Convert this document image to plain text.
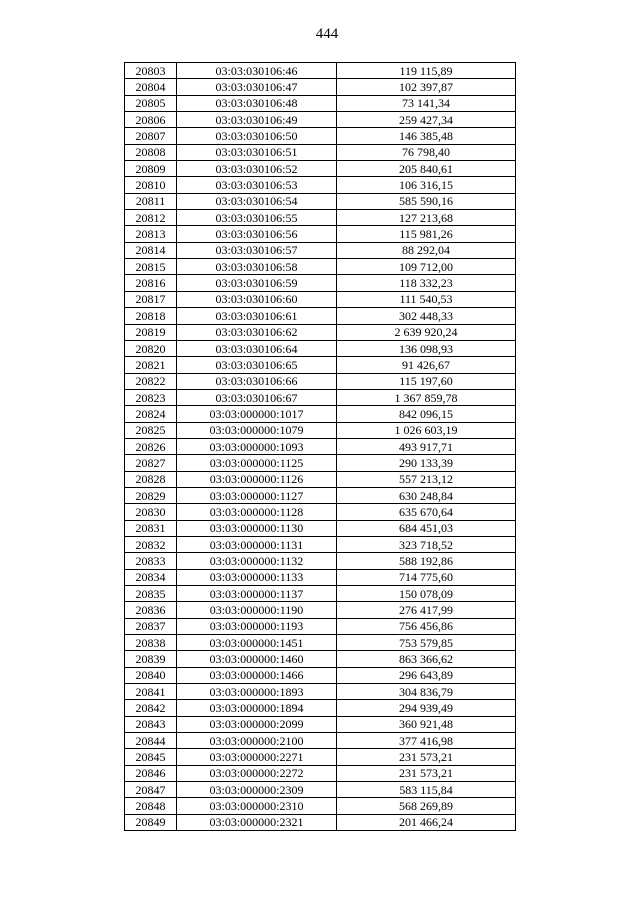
444
20803	03:03:030106:46	119 115,89
20804	03:03:030106:47	102 397,87
20805	03:03:030106:48	73 141,34
20806	03:03:030106:49	259 427,34
20807	03:03:030106:50	146 385,48
20808	03:03:030106:51	76 798,40
20809	03:03:030106:52	205 840,61
20810	03:03:030106:53	106 316,15
20811	03:03:030106:54	585 590,16
20812	03:03:030106:55	127 213,68
20813	03:03:030106:56	115 981,26
20814	03:03:030106:57	88 292,04
20815	03:03:030106:58	109 712,00
20816	03:03:030106:59	118 332,23
20817	03:03:030106:60	111 540,53
20818	03:03:030106:61	302 448,33
20819	03:03:030106:62	2 639 920,24
20820	03:03:030106:64	136 098,93
20821	03:03:030106:65	91 426,67
20822	03:03:030106:66	115 197,60
20823	03:03:030106:67	1 367 859,78
20824	03:03:000000:1017	842 096,15
20825	03:03:000000:1079	1 026 603,19
20826	03:03:000000:1093	493 917,71
20827	03:03:000000:1125	290 133,39
20828	03:03:000000:1126	557 213,12
20829	03:03:000000:1127	630 248,84
20830	03:03:000000:1128	635 670,64
20831	03:03:000000:1130	684 451,03
20832	03:03:000000:1131	323 718,52
20833	03:03:000000:1132	588 192,86
20834	03:03:000000:1133	714 775,60
20835	03:03:000000:1137	150 078,09
20836	03:03:000000:1190	276 417,99
20837	03:03:000000:1193	756 456,86
20838	03:03:000000:1451	753 579,85
20839	03:03:000000:1460	863 366,62
20840	03:03:000000:1466	296 643,89
20841	03:03:000000:1893	304 836,79
20842	03:03:000000:1894	294 939,49
20843	03:03:000000:2099	360 921,48
20844	03:03:000000:2100	377 416,98
20845	03:03:000000:2271	231 573,21
20846	03:03:000000:2272	231 573,21
20847	03:03:000000:2309	583 115,84
20848	03:03:000000:2310	568 269,89
20849	03:03:000000:2321	201 466,24
